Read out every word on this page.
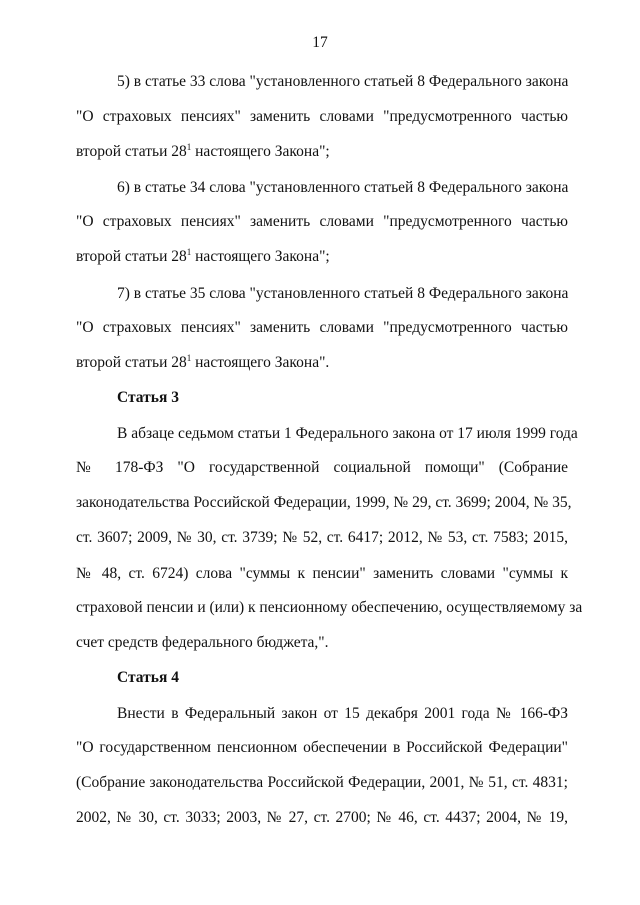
17
5) в статье 33 слова "установленного статьей 8 Федерального закона
"О страховых пенсиях" заменить словами "предусмотренного частью
второй статьи $28^1$ настоящего Закона";
6) в статье 34 слова "установленного статьей 8 Федерального закона
"О страховых пенсиях" заменить словами "предусмотренного частью
второй статьи $28^1$ настоящего Закона";
7) в статье 35 слова "установленного статьей 8 Федерального закона
"О страховых пенсиях" заменить словами "предусмотренного частью
второй статьи $28^1$ настоящего Закона".
Статья 3
В абзаце седьмом статьи 1 Федерального закона от 17 июля 1999 года
№ 178-ФЗ "О государственной социальной помощи" (Собрание
законодательства Российской Федерации, 1999, № 29, ст. 3699; 2004, № 35,
ст. 3607; 2009, № 30, ст. 3739; № 52, ст. 6417; 2012, № 53, ст. 7583; 2015,
№ 48, ст. 6724) слова "суммы к пенсии" заменить словами "суммы к
страховой пенсии и (или) к пенсионному обеспечению, осуществляемому за
счет средств федерального бюджета,".
Статья 4
Внести в Федеральный закон от 15 декабря 2001 года № 166-ФЗ
"О государственном пенсионном обеспечении в Российской Федерации"
(Собрание законодательства Российской Федерации, 2001, № 51, ст. 4831;
2002, № 30, ст. 3033; 2003, № 27, ст. 2700; № 46, ст. 4437; 2004, № 19,
